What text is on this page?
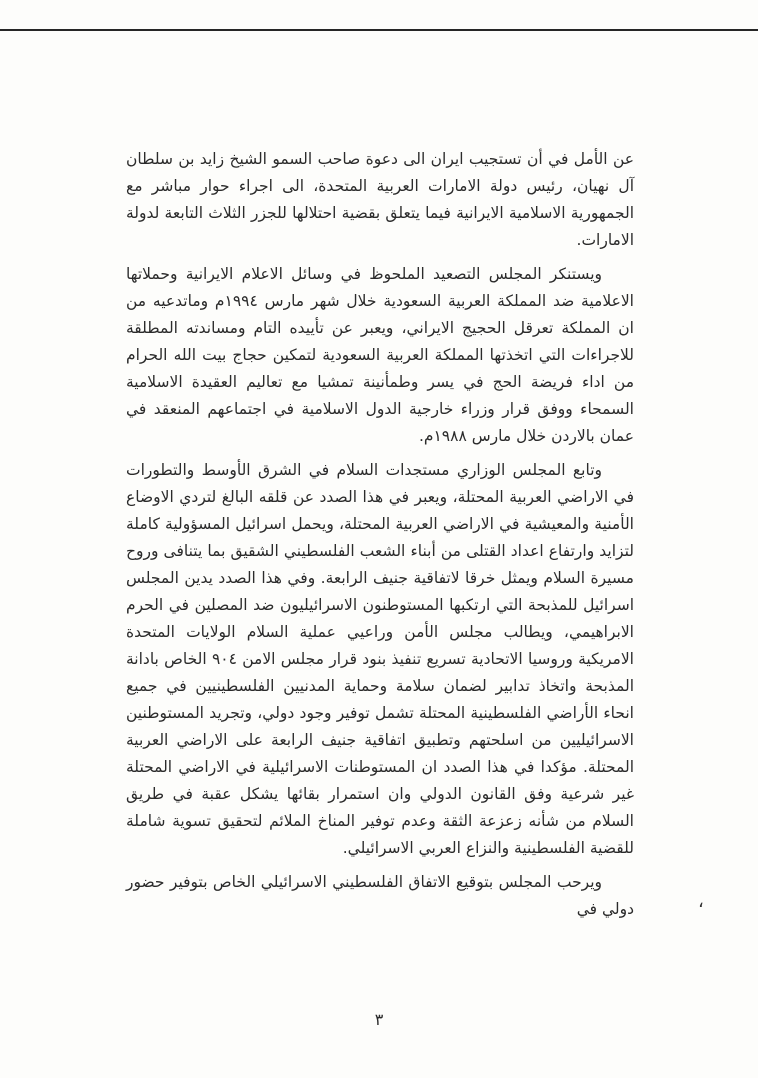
عن الأمل في أن تستجيب ايران الى دعوة صاحب السمو الشيخ زايد بن سلطان آل نهيان، رئيس دولة الامارات العربية المتحدة، الى اجراء حوار مباشر مع الجمهورية الاسلامية الايرانية فيما يتعلق بقضية احتلالها للجزر الثلاث التابعة لدولة الامارات.

ويستنكر المجلس التصعيد الملحوظ في وسائل الاعلام الايرانية وحملاتها الاعلامية ضد المملكة العربية السعودية خلال شهر مارس ١٩٩٤م وماتدعيه من ان المملكة تعرقل الحجيج الايراني، ويعبر عن تأييده التام ومساندته المطلقة للاجراءات التي اتخذتها المملكة العربية السعودية لتمكين حجاج بيت الله الحرام من اداء فريضة الحج في يسر وطمأنينة تمشيا مع تعاليم العقيدة الاسلامية السمحاء ووفق قرار وزراء خارجية الدول الاسلامية في اجتماعهم المنعقد في عمان بالاردن خلال مارس ١٩٨٨م.

وتابع المجلس الوزاري مستجدات السلام في الشرق الأوسط والتطورات في الاراضي العربية المحتلة، ويعبر في هذا الصدد عن قلقه البالغ لتردي الاوضاع الأمنية والمعيشية في الاراضي العربية المحتلة، ويحمل اسرائيل المسؤولية كاملة لتزايد وارتفاع اعداد القتلى من أبناء الشعب الفلسطيني الشقيق بما يتنافى وروح مسيرة السلام ويمثل خرقا لاتفاقية جنيف الرابعة. وفي هذا الصدد يدين المجلس اسرائيل للمذبحة التي ارتكبها المستوطنون الاسرائيليون ضد المصلين في الحرم الابراهيمي، ويطالب مجلس الأمن وراعيي عملية السلام الولايات المتحدة الامريكية وروسيا الاتحادية تسريع تنفيذ بنود قرار مجلس الامن ٩٠٤ الخاص بادانة المذبحة واتخاذ تدابير لضمان سلامة وحماية المدنيين الفلسطينيين في جميع انحاء الأراضي الفلسطينية المحتلة تشمل توفير وجود دولي، وتجريد المستوطنين الاسرائيليين من اسلحتهم وتطبيق اتفاقية جنيف الرابعة على الاراضي العربية المحتلة. مؤكدا في هذا الصدد ان المستوطنات الاسرائيلية في الاراضي المحتلة غير شرعية وفق القانون الدولي وان استمرار بقائها يشكل عقبة في طريق السلام من شأنه زعزعة الثقة وعدم توفير المناخ الملائم لتحقيق تسوية شاملة للقضية الفلسطينية والنزاع العربي الاسرائيلي.

ويرحب المجلس بتوقيع الاتفاق الفلسطيني الاسرائيلي الخاص بتوفير حضور دولي في	،
٣
